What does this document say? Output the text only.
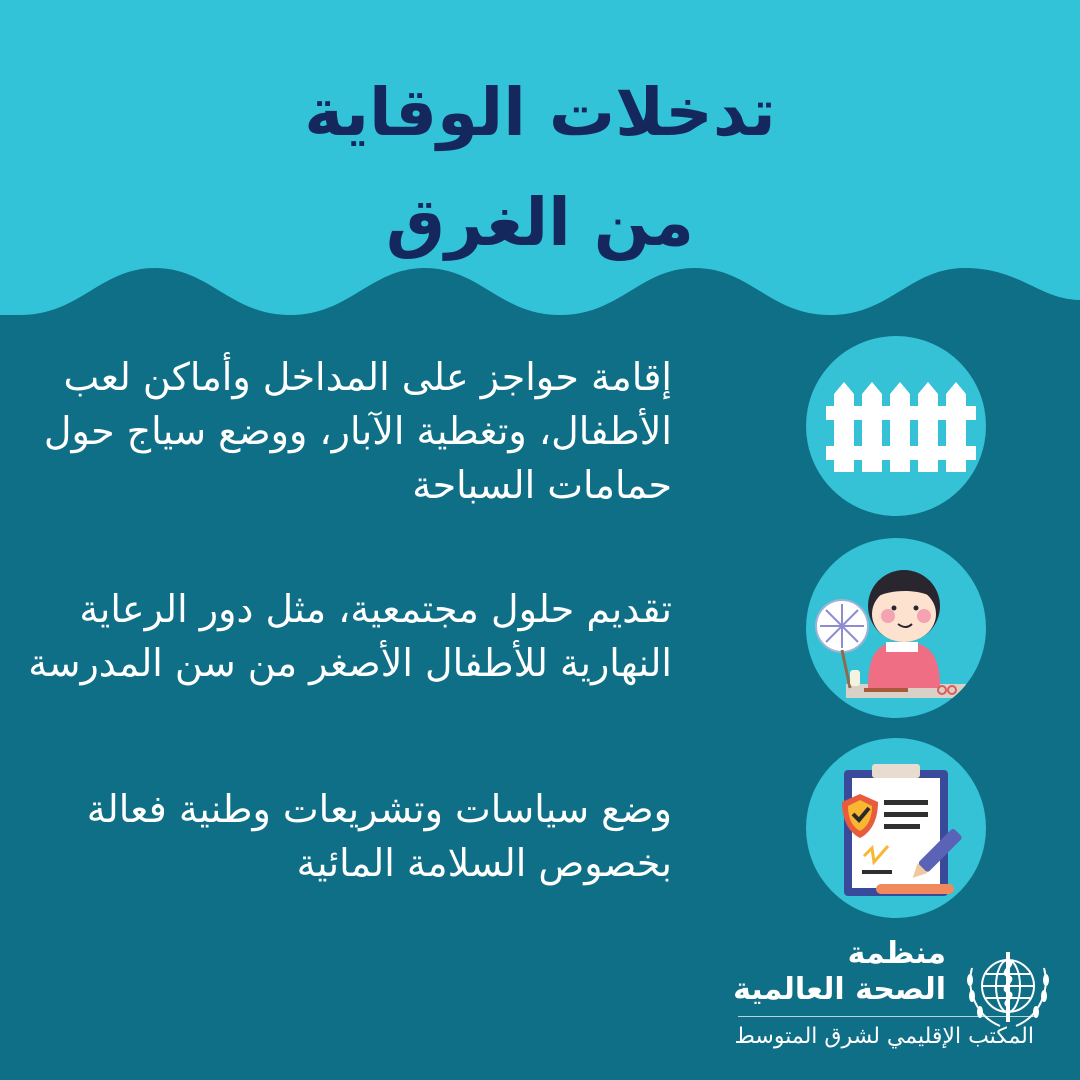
تدخلات الوقاية
من الغرق

إقامة حواجز على المداخل وأماكن لعب الأطفال، وتغطية الآبار، ووضع سياج حول حمامات السباحة

تقديم حلول مجتمعية، مثل دور الرعاية النهارية للأطفال الأصغر من سن المدرسة

وضع سياسات وتشريعات وطنية فعالة بخصوص السلامة المائية

منظمة
الصحة العالمية

المكتب الإقليمي لشرق المتوسط
